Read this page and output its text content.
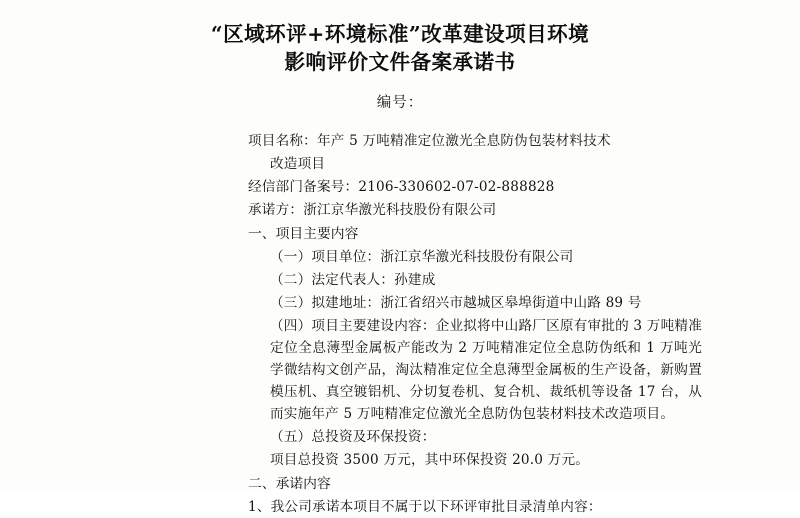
“区域环评+环境标准”改革建设项目环境
影响评价文件备案承诺书
编号：
项目名称：年产 5 万吨精准定位激光全息防伪包装材料技术
改造项目
经信部门备案号：2106-330602-07-02-888828
承诺方：浙江京华激光科技股份有限公司
一、项目主要内容
（一）项目单位：浙江京华激光科技股份有限公司
（二）法定代表人：孙建成
（三）拟建地址：浙江省绍兴市越城区皋埠街道中山路 89 号
（四）项目主要建设内容：企业拟将中山路厂区原有审批的 3 万吨精准定位全息薄型金属板产能改为 2 万吨精准定位全息防伪纸和 1 万吨光学微结构文创产品，淘汰精准定位全息薄型金属板的生产设备，新购置模压机、真空镀铝机、分切复卷机、复合机、裁纸机等设备 17 台，从而实施年产 5 万吨精准定位激光全息防伪包装材料技术改造项目。
（五）总投资及环保投资：
项目总投资 3500 万元，其中环保投资 20.0 万元。
二、承诺内容
1、我公司承诺本项目不属于以下环评审批目录清单内容：
